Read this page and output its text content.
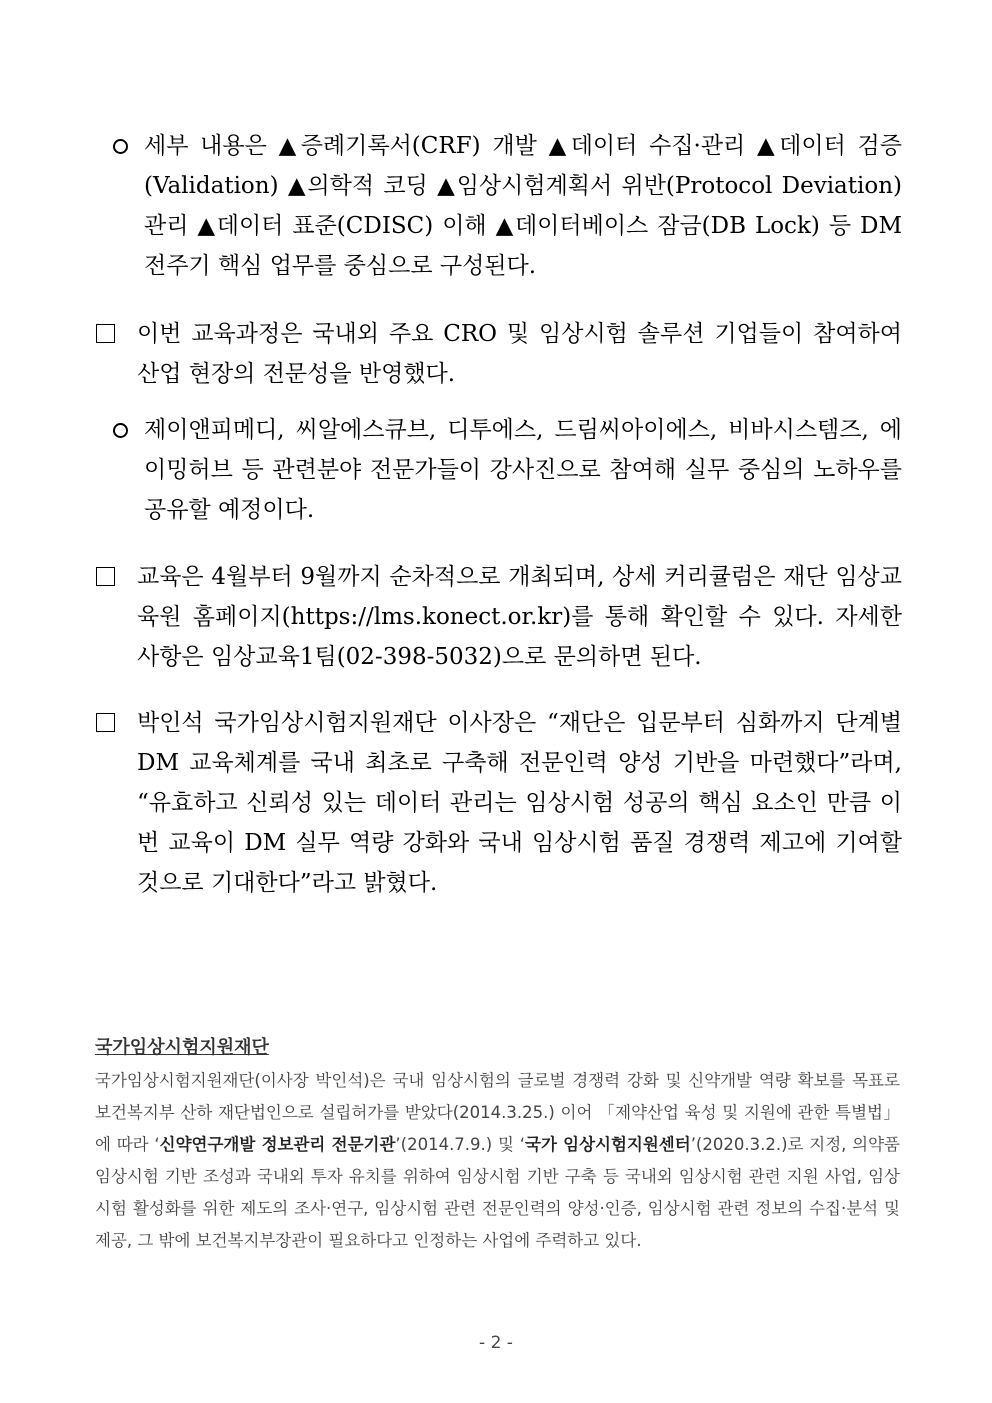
세부 내용은 ▲증례기록서(CRF) 개발 ▲데이터 수집·관리 ▲데이터 검증(Validation) ▲의학적 코딩 ▲임상시험계획서 위반(Protocol Deviation) 관리 ▲데이터 표준(CDISC) 이해 ▲데이터베이스 잠금(DB Lock) 등 DM 전주기 핵심 업무를 중심으로 구성된다.
이번 교육과정은 국내외 주요 CRO 및 임상시험 솔루션 기업들이 참여하여 산업 현장의 전문성을 반영했다.
제이앤피메디, 씨알에스큐브, 디투에스, 드림씨아이에스, 비바시스템즈, 에이밍허브 등 관련분야 전문가들이 강사진으로 참여해 실무 중심의 노하우를 공유할 예정이다.
교육은 4월부터 9월까지 순차적으로 개최되며, 상세 커리큘럼은 재단 임상교육원 홈페이지(https://lms.konect.or.kr)를 통해 확인할 수 있다. 자세한 사항은 임상교육1팀(02-398-5032)으로 문의하면 된다.
박인석 국가임상시험지원재단 이사장은 “재단은 입문부터 심화까지 단계별 DM 교육체계를 국내 최초로 구축해 전문인력 양성 기반을 마련했다”라며, “유효하고 신뢰성 있는 데이터 관리는 임상시험 성공의 핵심 요소인 만큼 이번 교육이 DM 실무 역량 강화와 국내 임상시험 품질 경쟁력 제고에 기여할 것으로 기대한다”라고 밝혔다.
국가임상시험지원재단
국가임상시험지원재단(이사장 박인석)은 국내 임상시험의 글로벌 경쟁력 강화 및 신약개발 역량 확보를 목표로 보건복지부 산하 재단법인으로 설립허가를 받았다(2014.3.25.) 이어 「제약산업 육성 및 지원에 관한 특별법」에 따라 ‘신약연구개발 정보관리 전문기관’(2014.7.9.) 및 ‘국가 임상시험지원센터’(2020.3.2.)로 지정, 의약품 임상시험 기반 조성과 국내외 투자 유치를 위하여 임상시험 기반 구축 등 국내외 임상시험 관련 지원 사업, 임상시험 활성화를 위한 제도의 조사·연구, 임상시험 관련 전문인력의 양성·인증, 임상시험 관련 정보의 수집·분석 및 제공, 그 밖에 보건복지부장관이 필요하다고 인정하는 사업에 주력하고 있다.
- 2 -
